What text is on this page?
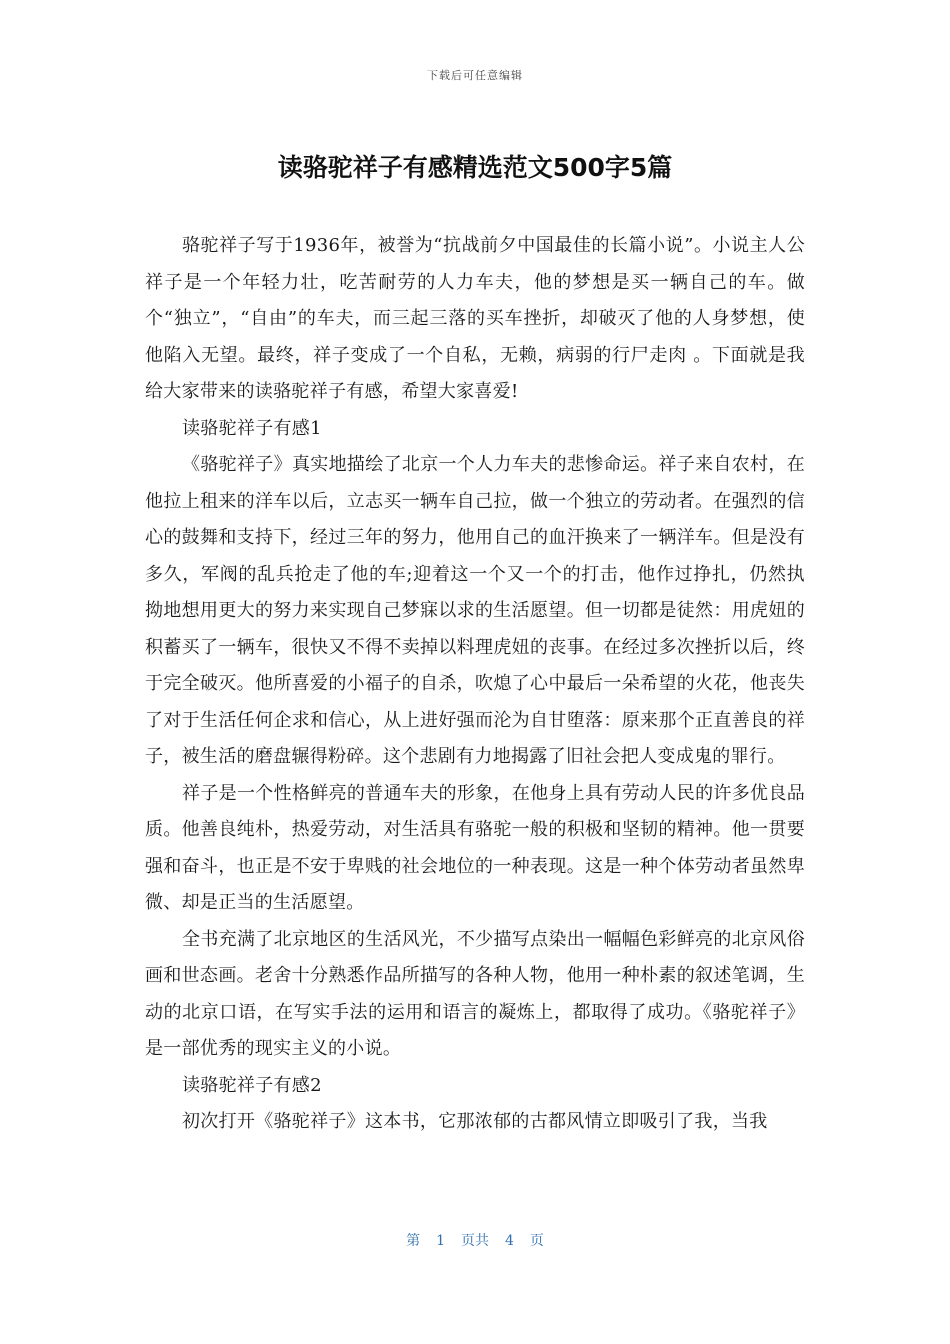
下载后可任意编辑
读骆驼祥子有感精选范文500字5篇

骆驼祥子写于1936年，被誉为“抗战前夕中国最佳的长篇小说”。小说主人公祥子是一个年轻力壮，吃苦耐劳的人力车夫，他的梦想是买一辆自己的车。做个“独立”，“自由”的车夫，而三起三落的买车挫折，却破灭了他的人身梦想，使他陷入无望。最终，祥子变成了一个自私，无赖，病弱的行尸走肉 。下面就是我给大家带来的读骆驼祥子有感，希望大家喜爱!

读骆驼祥子有感1

《骆驼祥子》真实地描绘了北京一个人力车夫的悲惨命运。祥子来自农村，在他拉上租来的洋车以后，立志买一辆车自己拉，做一个独立的劳动者。在强烈的信心的鼓舞和支持下，经过三年的努力，他用自己的血汗换来了一辆洋车。但是没有多久，军阀的乱兵抢走了他的车;迎着这一个又一个的打击，他作过挣扎，仍然执拗地想用更大的努力来实现自己梦寐以求的生活愿望。但一切都是徒然：用虎妞的积蓄买了一辆车，很快又不得不卖掉以料理虎妞的丧事。在经过多次挫折以后，终于完全破灭。他所喜爱的小福子的自杀，吹熄了心中最后一朵希望的火花，他丧失了对于生活任何企求和信心，从上进好强而沦为自甘堕落：原来那个正直善良的祥子，被生活的磨盘辗得粉碎。这个悲剧有力地揭露了旧社会把人变成鬼的罪行。

祥子是一个性格鲜亮的普通车夫的形象，在他身上具有劳动人民的许多优良品质。他善良纯朴，热爱劳动，对生活具有骆驼一般的积极和坚韧的精神。他一贯要强和奋斗，也正是不安于卑贱的社会地位的一种表现。这是一种个体劳动者虽然卑微、却是正当的生活愿望。

全书充满了北京地区的生活风光，不少描写点染出一幅幅色彩鲜亮的北京风俗画和世态画。老舍十分熟悉作品所描写的各种人物，他用一种朴素的叙述笔调，生动的北京口语，在写实手法的运用和语言的凝炼上，都取得了成功。《骆驼祥子》是一部优秀的现实主义的小说。

读骆驼祥子有感2

初次打开《骆驼祥子》这本书，它那浓郁的古都风情立即吸引了我，当我

第 1 页共 4 页
